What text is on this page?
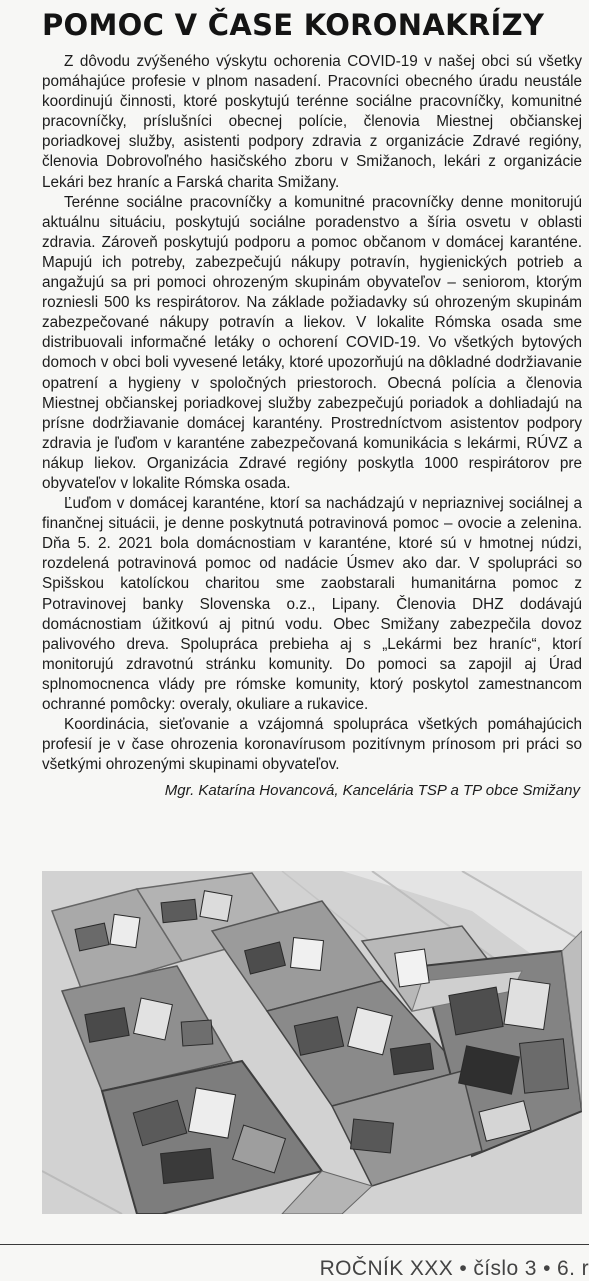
POMOC V ČASE KORONAKRÍZY

Z dôvodu zvýšeného výskytu ochorenia COVID-19 v našej obci sú všetky pomáhajúce profesie v plnom nasadení. Pracovníci obecného úradu neustále koordinujú činnosti, ktoré poskytujú terénne sociálne pracovníčky, komunitné pracovníčky, príslušníci obecnej polície, členovia Miestnej občianskej poriadkovej služby, asistenti podpory zdravia z organizácie Zdravé regióny, členovia Dobrovoľného hasičského zboru v Smižanoch, lekári z organizácie Lekári bez hraníc a Farská charita Smižany.

Terénne sociálne pracovníčky a komunitné pracovníčky denne monitorujú aktuálnu situáciu, poskytujú sociálne poradenstvo a šíria osvetu v oblasti zdravia. Zároveň poskytujú podporu a pomoc občanom v domácej karanténe. Mapujú ich potreby, zabezpečujú nákupy potravín, hygienických potrieb a angažujú sa pri pomoci ohrozeným skupinám obyvateľov – seniorom, ktorým rozniesli 500 ks respirátorov. Na základe požiadavky sú ohrozeným skupinám zabezpečované nákupy potravín a liekov. V lokalite Rómska osada sme distribuovali informačné letáky o ochorení COVID-19. Vo všetkých bytových domoch v obci boli vyvesené letáky, ktoré upozorňujú na dôkladné dodržiavanie opatrení a hygieny v spoločných priestoroch. Obecná polícia a členovia Miestnej občianskej poriadkovej služby zabezpečujú poriadok a dohliadajú na prísne dodržiavanie domácej karantény. Prostredníctvom asistentov podpory zdravia je ľuďom v karanténe zabezpečovaná komunikácia s lekármi, RÚVZ a nákup liekov. Organizácia Zdravé regióny poskytla 1000 respirátorov pre obyvateľov v lokalite Rómska osada.

Ľuďom v domácej karanténe, ktorí sa nachádzajú v nepriaznivej sociálnej a finančnej situácii, je denne poskytnutá potravinová pomoc – ovocie a zelenina. Dňa 5. 2. 2021 bola domácnostiam v karanténe, ktoré sú v hmotnej núdzi, rozdelená potravinová pomoc od nadácie Úsmev ako dar. V spolupráci so Spišskou katolíckou charitou sme zaobstarali humanitárna pomoc z Potravinovej banky Slovenska o.z., Lipany. Členovia DHZ dodávajú domácnostiam úžitkovú aj pitnú vodu. Obec Smižany zabezpečila dovoz palivového dreva. Spolupráca prebieha aj s „Lekármi bez hraníc“, ktorí monitorujú zdravotnú stránku komunity. Do pomoci sa zapojil aj Úrad splnomocnenca vlády pre rómske komunity, ktorý poskytol zamestnancom ochranné pomôcky: overaly, okuliare a rukavice.

Koordinácia, sieťovanie a vzájomná spolupráca všetkých pomáhajúcich profesií je v čase ohrozenia koronavírusom pozitívnym prínosom pri práci so všetkými ohrozenými skupinami obyvateľov.

Mgr. Katarína Hovancová, Kancelária TSP a TP obce Smižany

ROČNÍK XXX • číslo 3 • 6. r
